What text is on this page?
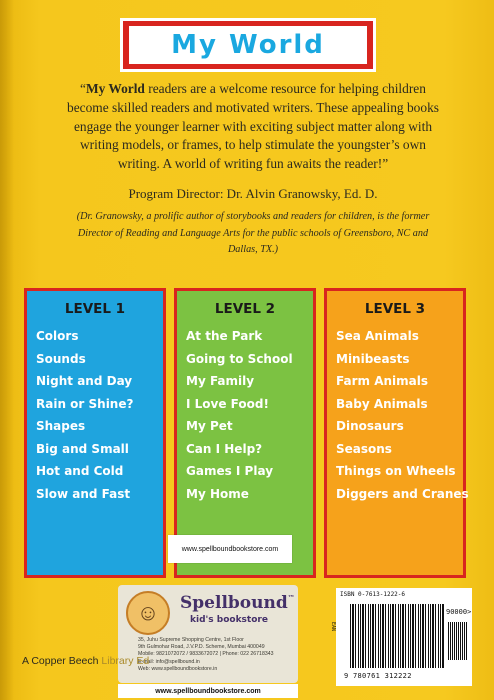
My World

“My World readers are a welcome resource for helping children become skilled readers and motivated writers. These appealing books engage the younger learner with exciting subject matter along with writing models, or frames, to help stimulate the youngster’s own writing. A world of writing fun awaits the reader!”

Program Director: Dr. Alvin Granowsky, Ed. D.

(Dr. Granowsky, a prolific author of storybooks and readers for children, is the former Director of Reading and Language Arts for the public schools of Greensboro, NC and Dallas, TX.)

LEVEL 1
Colors
Sounds
Night and Day
Rain or Shine?
Shapes
Big and Small
Hot and Cold
Slow and Fast
LEVEL 2
At the Park
Going to School
My Family
I Love Food!
My Pet
Can I Help?
Games I Play
My Home
LEVEL 3
Sea Animals
Minibeasts
Farm Animals
Baby Animals
Dinosaurs
Seasons
Things on Wheels
Diggers and Cranes
www.spellboundbookstore.com
☺ Spellbound™
kid's bookstore
35, Juhu Supreme Shopping Centre, 1st Floor
9th Gulmohar Road, J.V.P.D. Scheme, Mumbai 400049
Mobile: 9821072072 / 9833672072 | Phone: 022 26718343
E-mail: info@spellbound.in
Web: www.spellboundbookstore.in
www.spellboundbookstore.com
A Copper Beech Library Ed
ISBN 0-7613-1222-6
90000>
EAN
9 780761 312222
